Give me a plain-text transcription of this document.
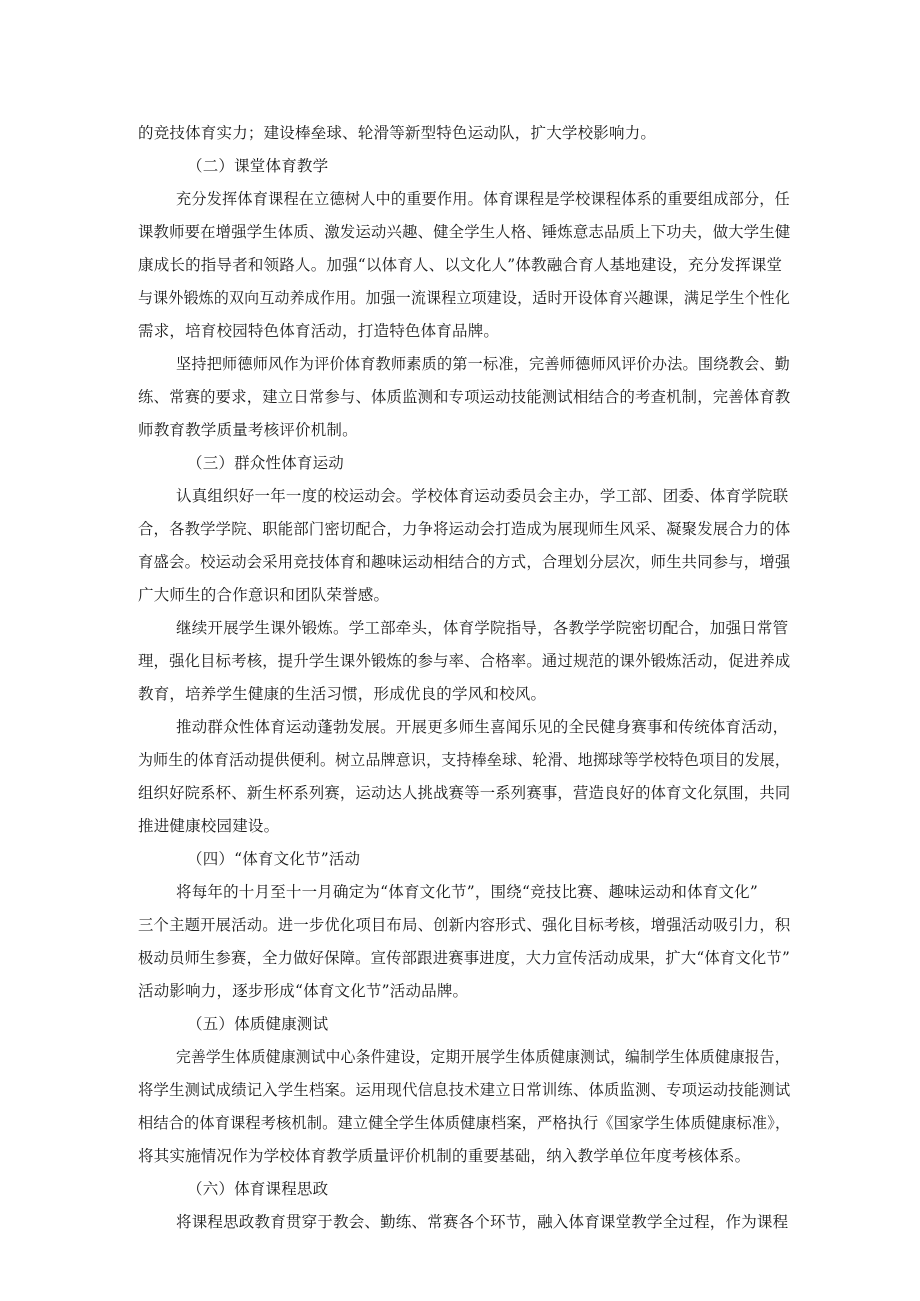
的竞技体育实力；建设棒垒球、轮滑等新型特色运动队，扩大学校影响力。
（二）课堂体育教学
充分发挥体育课程在立德树人中的重要作用。体育课程是学校课程体系的重要组成部分，任
课教师要在增强学生体质、激发运动兴趣、健全学生人格、锤炼意志品质上下功夫，做大学生健
康成长的指导者和领路人。加强“以体育人、以文化人”体教融合育人基地建设，充分发挥课堂
与课外锻炼的双向互动养成作用。加强一流课程立项建设，适时开设体育兴趣课，满足学生个性化
需求，培育校园特色体育活动，打造特色体育品牌。
坚持把师德师风作为评价体育教师素质的第一标准，完善师德师风评价办法。围绕教会、勤
练、常赛的要求，建立日常参与、体质监测和专项运动技能测试相结合的考查机制，完善体育教
师教育教学质量考核评价机制。
（三）群众性体育运动
认真组织好一年一度的校运动会。学校体育运动委员会主办，学工部、团委、体育学院联
合，各教学学院、职能部门密切配合，力争将运动会打造成为展现师生风采、凝聚发展合力的体
育盛会。校运动会采用竞技体育和趣味运动相结合的方式，合理划分层次，师生共同参与，增强
广大师生的合作意识和团队荣誉感。
继续开展学生课外锻炼。学工部牵头，体育学院指导，各教学学院密切配合，加强日常管
理，强化目标考核，提升学生课外锻炼的参与率、合格率。通过规范的课外锻炼活动，促进养成
教育，培养学生健康的生活习惯，形成优良的学风和校风。
推动群众性体育运动蓬勃发展。开展更多师生喜闻乐见的全民健身赛事和传统体育活动，
为师生的体育活动提供便利。树立品牌意识，支持棒垒球、轮滑、地掷球等学校特色项目的发展，
组织好院系杯、新生杯系列赛，运动达人挑战赛等一系列赛事，营造良好的体育文化氛围，共同
推进健康校园建设。
（四）“体育文化节”活动
将每年的十月至十一月确定为“体育文化节”，围绕“竞技比赛、趣味运动和体育文化”
三个主题开展活动。进一步优化项目布局、创新内容形式、强化目标考核，增强活动吸引力，积
极动员师生参赛，全力做好保障。宣传部跟进赛事进度，大力宣传活动成果，扩大“体育文化节”
活动影响力，逐步形成“体育文化节”活动品牌。
（五）体质健康测试
完善学生体质健康测试中心条件建设，定期开展学生体质健康测试，编制学生体质健康报告，
将学生测试成绩记入学生档案。运用现代信息技术建立日常训练、体质监测、专项运动技能测试
相结合的体育课程考核机制。建立健全学生体质健康档案，严格执行《国家学生体质健康标准》，
将其实施情况作为学校体育教学质量评价机制的重要基础，纳入教学单位年度考核体系。
（六）体育课程思政
将课程思政教育贯穿于教会、勤练、常赛各个环节，融入体育课堂教学全过程，作为课程
